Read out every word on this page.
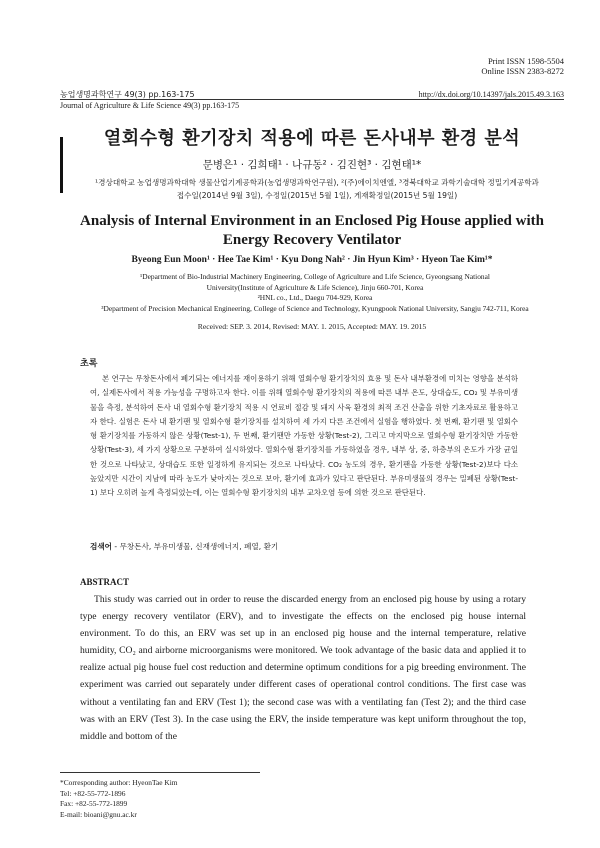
Print ISSN 1598-5504
Online ISSN 2383-8272
농업생명과학연구 49(3) pp.163-175
Journal of Agriculture & Life Science 49(3) pp.163-175
http://dx.doi.org/10.14397/jals.2015.49.3.163
열회수형 환기장치 적용에 따른 돈사내부 환경 분석
문병은¹ · 김희태¹ · 나규동² · 김진현³ · 김현태¹*
¹경상대학교 농업생명과학대학 생물산업기계공학과(농업생명과학연구원), ²(주)에이치엔엘, ³경북대학교 과학기술대학 정밀기계공학과
접수일(2014년 9월 3일), 수정일(2015년 5월 1일), 게재확정일(2015년 5월 19일)
Analysis of Internal Environment in an Enclosed Pig House applied with Energy Recovery Ventilator
Byeong Eun Moon¹ · Hee Tae Kim¹ · Kyu Dong Nah² · Jin Hyun Kim³ · Hyeon Tae Kim¹*
¹Department of Bio-Industrial Machinery Engineering, College of Agriculture and Life Science, Gyeongsang National
University(Institute of Agriculture & Life Science), Jinju 660-701, Korea
²HNL co., Ltd., Daegu 704-929, Korea
³Department of Precision Mechanical Engineering, College of Science and Technology, Kyungpook National University, Sangju 742-711, Korea
Received: SEP. 3. 2014, Revised: MAY. 1. 2015, Accepted: MAY. 19. 2015
초록
본 연구는 무창돈사에서 폐기되는 에너지를 재이용하기 위해 열회수형 환기장치의 효용 및 돈사 내부환경에 미치는 영향을 분석하여, 실제돈사에서 적용 가능성을 구명하고자 한다. 이를 위해 열회수형 환기장치의 적용에 따른 내부 온도, 상대습도, CO₂ 및 부유미생물을 측정, 분석하여 돈사 내 열회수형 환기장치 적용 시 연료비 절감 및 돼지 사육 환경의 최적 조건 산출을 위한 기초자료로 활용하고자 한다. 실험은 돈사 내 환기팬 및 열회수형 환기장치를 설치하여 세 가지 다른 조건에서 실험을 행하였다. 첫 번째, 환기팬 및 열회수형 환기장치를 가동하지 않은 상황(Test-1), 두 번째, 환기팬만 가동한 상황(Test-2), 그리고 마지막으로 열회수형 환기장치만 가동한 상황(Test-3), 세 가지 상황으로 구분하여 실시하였다. 열회수형 환기장치를 가동하였을 경우, 내부 상, 중, 하층부의 온도가 가장 균일한 것으로 나타났고, 상대습도 또한 일정하게 유지되는 것으로 나타났다. CO₂ 농도의 경우, 환기팬을 가동한 상황(Test-2)보다 다소 높았지만 시간이 지남에 따라 농도가 낮아지는 것으로 보아, 환기에 효과가 있다고 판단된다. 부유미생물의 경우는 밀폐된 상황(Test-1) 보다 오히려 높게 측정되었는데, 이는 열회수형 환기장치의 내부 교차오염 등에 의한 것으로 판단된다.
검색어 - 무창돈사, 부유미생물, 신재생에너지, 폐열, 환기
ABSTRACT

This study was carried out in order to reuse the discarded energy from an enclosed pig house by using a rotary type energy recovery ventilator (ERV), and to investigate the effects on the enclosed pig house internal environment. To do this, an ERV was set up in an enclosed pig house and the internal temperature, relative humidity, CO₂ and airborne microorganisms were monitored. We took advantage of the basic data and applied it to realize actual pig house fuel cost reduction and determine optimum conditions for a pig breeding environment. The experiment was carried out separately under different cases of operational control conditions. The first case was without a ventilating fan and ERV (Test 1); the second case was with a ventilating fan (Test 2); and the third case was with an ERV (Test 3). In the case using the ERV, the inside temperature was kept uniform throughout the top, middle and bottom of the

*Corresponding author: HyeonTae Kim
Tel: +82-55-772-1896
Fax: +82-55-772-1899
E-mail: bioani@gnu.ac.kr
